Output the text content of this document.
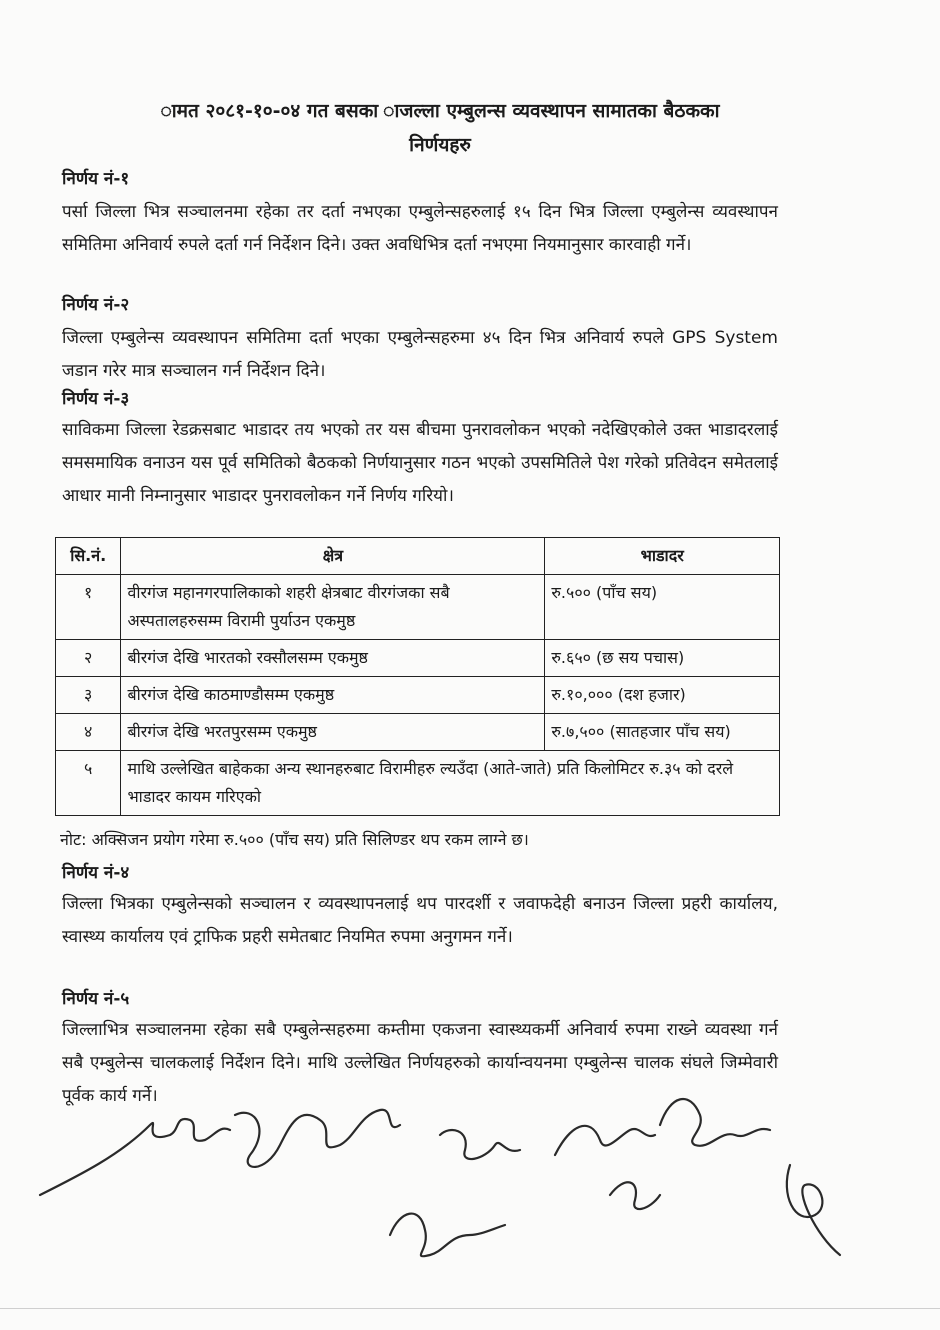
ामत २०८१-१०-०४ गत बसका ाजल्ला एम्बुलन्स व्यवस्थापन सामातका बैठकका
निर्णयहरु
निर्णय नं-१
पर्सा जिल्ला भित्र सञ्चालनमा रहेका तर दर्ता नभएका एम्बुलेन्सहरुलाई १५ दिन भित्र जिल्ला एम्बुलेन्स व्यवस्थापन समितिमा अनिवार्य रुपले दर्ता गर्न निर्देशन दिने। उक्त अवधिभित्र दर्ता नभएमा नियमानुसार कारवाही गर्ने।
निर्णय नं-२
जिल्ला एम्बुलेन्स व्यवस्थापन समितिमा दर्ता भएका एम्बुलेन्सहरुमा ४५ दिन भित्र अनिवार्य रुपले GPS System जडान गरेर मात्र सञ्चालन गर्न निर्देशन दिने।
निर्णय नं-३
साविकमा जिल्ला रेडक्रसबाट भाडादर तय भएको तर यस बीचमा पुनरावलोकन भएको नदेखिएकोले उक्त भाडादरलाई समसमायिक वनाउन यस पूर्व समितिको बैठकको निर्णयानुसार गठन भएको उपसमितिले पेश गरेको प्रतिवेदन समेतलाई आधार मानी निम्नानुसार भाडादर पुनरावलोकन गर्ने निर्णय गरियो।
सि.नं.	क्षेत्र	भाडादर
१	वीरगंज महानगरपालिकाको शहरी क्षेत्रबाट वीरगंजका सबै अस्पतालहरुसम्म विरामी पुर्याउन एकमुष्ठ	रु.५०० (पाँच सय)
२	बीरगंज देखि भारतको रक्सौलसम्म एकमुष्ठ	रु.६५० (छ सय पचास)
३	बीरगंज देखि काठमाण्डौसम्म एकमुष्ठ	रु.१०,००० (दश हजार)
४	बीरगंज देखि भरतपुरसम्म एकमुष्ठ	रु.७,५०० (सातहजार पाँच सय)
५	माथि उल्लेखित बाहेकका अन्य स्थानहरुबाट विरामीहरु ल्यउँदा (आते-जाते) प्रति किलोमिटर रु.३५ को दरले भाडादर कायम गरिएको	
नोट: अक्सिजन प्रयोग गरेमा रु.५०० (पाँच सय) प्रति सिलिण्डर थप रकम लाग्ने छ।
निर्णय नं-४
जिल्ला भित्रका एम्बुलेन्सको सञ्चालन र व्यवस्थापनलाई थप पारदर्शी र जवाफदेही बनाउन जिल्ला प्रहरी कार्यालय, स्वास्थ्य कार्यालय एवं ट्राफिक प्रहरी समेतबाट नियमित रुपमा अनुगमन गर्ने।
निर्णय नं-५
जिल्लाभित्र सञ्चालनमा रहेका सबै एम्बुलेन्सहरुमा कम्तीमा एकजना स्वास्थ्यकर्मी अनिवार्य रुपमा राख्ने व्यवस्था गर्न सबै एम्बुलेन्स चालकलाई निर्देशन दिने। माथि उल्लेखित निर्णयहरुको कार्यान्वयनमा एम्बुलेन्स चालक संघले जिम्मेवारी पूर्वक कार्य गर्ने।
